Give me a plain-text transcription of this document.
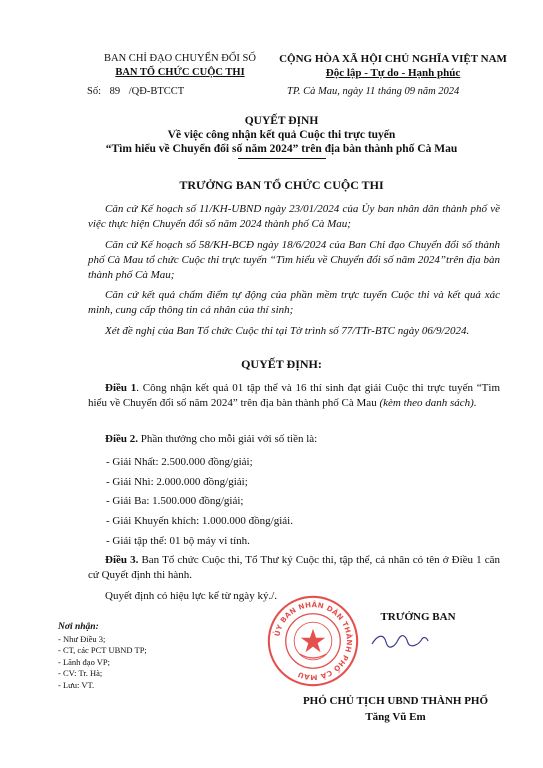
BAN CHỈ ĐẠO CHUYỂN ĐỔI SỐ
BAN TỔ CHỨC CUỘC THI
CỘNG HÒA XÃ HỘI CHỦ NGHĨA VIỆT NAM
Độc lập - Tự do - Hạnh phúc
Số: 89 /QĐ-BTCCT	TP. Cà Mau, ngày 11 tháng 09 năm 2024
QUYẾT ĐỊNH
Về việc công nhận kết quả Cuộc thi trực tuyến
“Tìm hiểu về Chuyển đổi số năm 2024” trên địa bàn thành phố Cà Mau
TRƯỞNG BAN TỔ CHỨC CUỘC THI
Căn cứ Kế hoạch số 11/KH-UBND ngày 23/01/2024 của Ủy ban nhân dân thành phố về việc thực hiện Chuyển đổi số năm 2024 thành phố Cà Mau;
Căn cứ Kế hoạch số 58/KH-BCĐ ngày 18/6/2024 của Ban Chỉ đạo Chuyển đổi số thành phố Cà Mau tổ chức Cuộc thi trực tuyến “Tìm hiểu về Chuyển đổi số năm 2024”trên địa bàn thành phố Cà Mau;
Căn cứ kết quả chấm điểm tự động của phần mềm trực tuyến Cuộc thi và kết quả xác minh, cung cấp thông tin cá nhân của thí sinh;
Xét đề nghị của Ban Tổ chức Cuộc thi tại Tờ trình số 77/TTr-BTC ngày 06/9/2024.
QUYẾT ĐỊNH:
Điều 1. Công nhận kết quả 01 tập thể và 16 thí sinh đạt giải Cuộc thi trực tuyến “Tìm hiểu về Chuyển đổi số năm 2024” trên địa bàn thành phố Cà Mau (kèm theo danh sách).
Điều 2. Phần thưởng cho mỗi giải với số tiền là:
- Giải Nhất: 2.500.000 đồng/giải;
- Giải Nhì: 2.000.000 đồng/giải;
- Giải Ba: 1.500.000 đồng/giải;
- Giải Khuyến khích: 1.000.000 đồng/giải.
- Giải tập thể: 01 bộ máy vi tính.
Điều 3. Ban Tổ chức Cuộc thi, Tổ Thư ký Cuộc thi, tập thể, cá nhân có tên ở Điều 1 căn cứ Quyết định thi hành.
Quyết định có hiệu lực kể từ ngày ký./.
Nơi nhận:
- Như Điều 3;
- CT, các PCT UBND TP;
- Lãnh đạo VP;
- CV: Tr. Hà;
- Lưu: VT.
TRƯỞNG BAN
ỦY BAN NHÂN DÂN THÀNH PHỐ CÀ MAU
PHÓ CHỦ TỊCH UBND THÀNH PHỐ
Tăng Vũ Em
